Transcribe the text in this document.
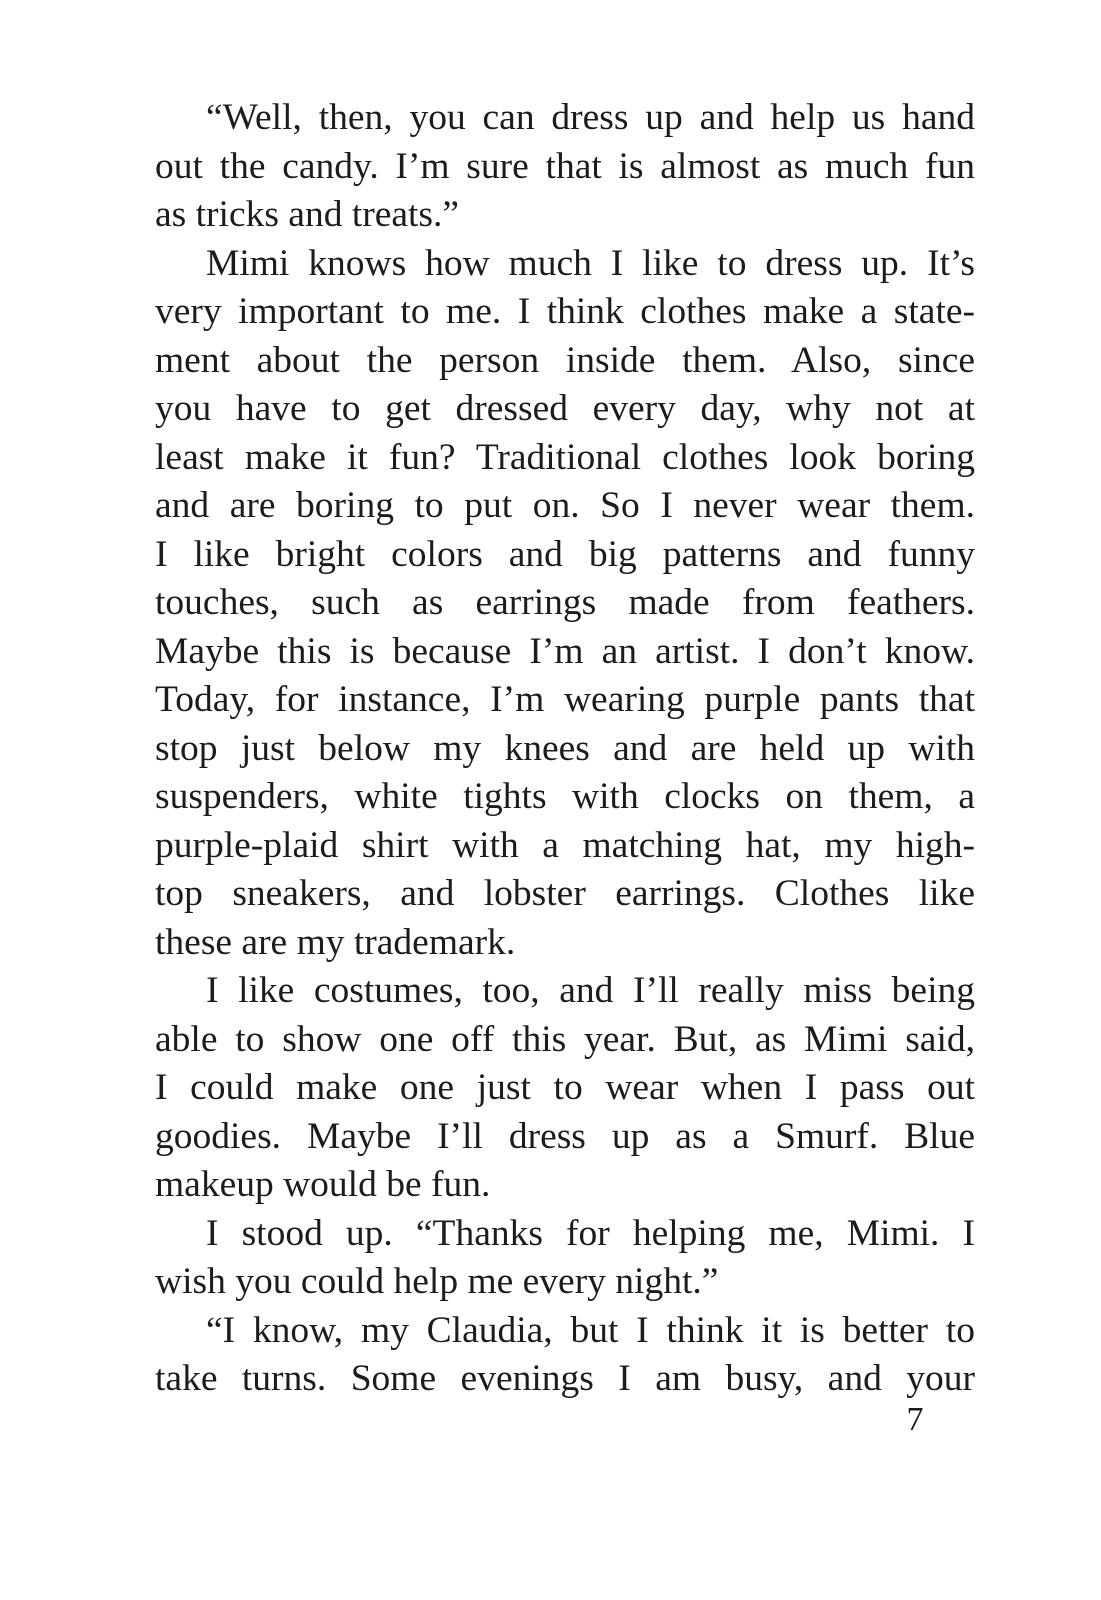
“Well, then, you can dress up and help us hand
out the candy. I’m sure that is almost as much fun
as tricks and treats.”
Mimi knows how much I like to dress up. It’s
very important to me. I think clothes make a state-
ment about the person inside them. Also, since
you have to get dressed every day, why not at
least make it fun? Traditional clothes look boring
and are boring to put on. So I never wear them.
I like bright colors and big patterns and funny
touches, such as earrings made from feathers.
Maybe this is because I’m an artist. I don’t know.
Today, for instance, I’m wearing purple pants that
stop just below my knees and are held up with
suspenders, white tights with clocks on them, a
purple-plaid shirt with a matching hat, my high-
top sneakers, and lobster earrings. Clothes like
these are my trademark.
I like costumes, too, and I’ll really miss being
able to show one off this year. But, as Mimi said,
I could make one just to wear when I pass out
goodies. Maybe I’ll dress up as a Smurf. Blue
makeup would be fun.
I stood up. “Thanks for helping me, Mimi. I
wish you could help me every night.”
“I know, my Claudia, but I think it is better to
take turns. Some evenings I am busy, and your
7
